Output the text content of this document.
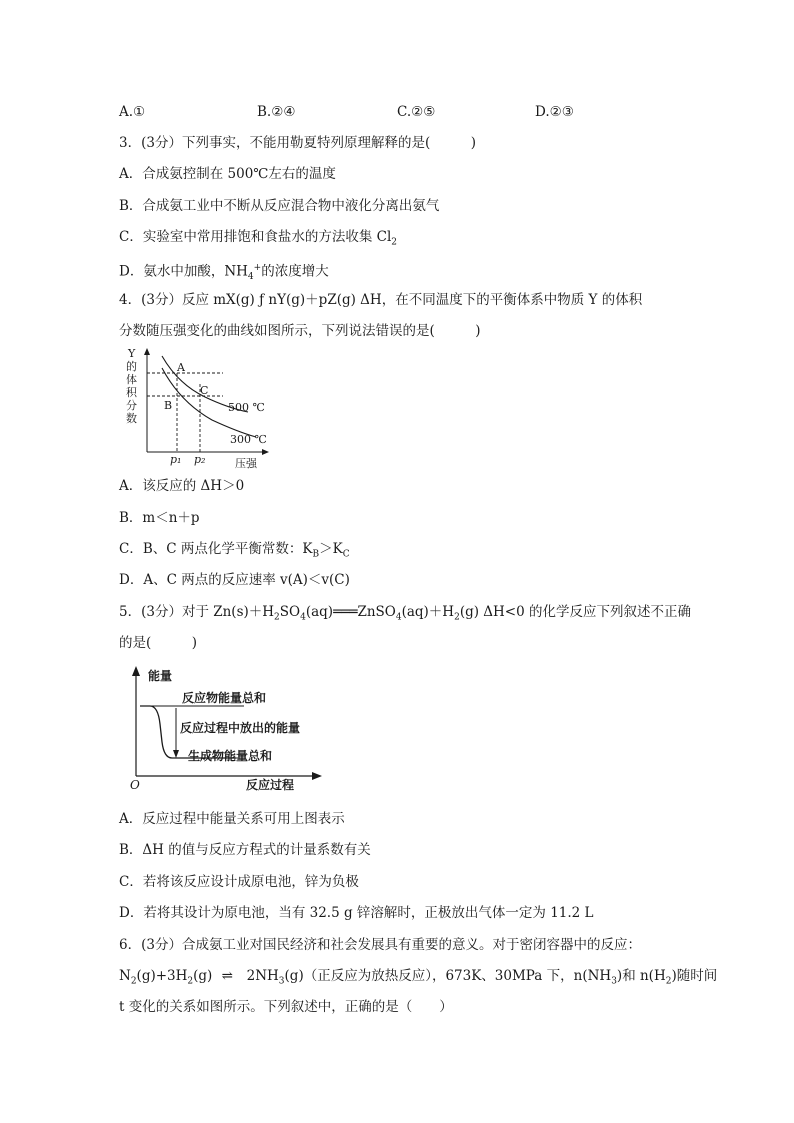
A.①	B.②④	C.②⑤	D.②③
3．(3分）下列事实，不能用勒夏特列原理解释的是(　　　)
A．合成氨控制在 500℃左右的温度
B．合成氨工业中不断从反应混合物中液化分离出氨气
C．实验室中常用排饱和食盐水的方法收集 $Cl_2$
D．氨水中加酸，$NH_4^+$的浓度增大
4．(3分）反应 mX(g) ƒ nY(g)＋pZ(g) ΔH，在不同温度下的平衡体系中物质 Y 的体积
分数随压强变化的曲线如图所示，下列说法错误的是(　　　)
Y
的
体
积
分
数
A
B
C
500 ℃
300 ℃
p₁ p₂	压强
A．该反应的 ΔH＞0
B．m＜n＋p
C．B、C 两点化学平衡常数：$K_B>K_C$
D．A、C 两点的反应速率 v(A)＜v(C)
5．(3分）对于 $Zn(s)+H_2SO_4(aq)═══ZnSO_4(aq)+H_2(g)$ ΔH<0 的化学反应下列叙述不正确
的是(　　　)
能量
O	反应过程
反应物能量总和
反应过程中放出的能量
生成物能量总和
A．反应过程中能量关系可用上图表示
B．ΔH 的值与反应方程式的计量系数有关
C．若将该反应设计成原电池，锌为负极
D．若将其设计为原电池，当有 32.5 g 锌溶解时，正极放出气体一定为 11.2 L
6．(3分）合成氨工业对国民经济和社会发展具有重要的意义。对于密闭容器中的反应：
$N_2(g)+3H_2(g)$ ⇌ $2NH_3(g)$（正反应为放热反应），673K、30MPa 下，$n(NH_3)$和 $n(H_2)$随时间
t 变化的关系如图所示。下列叙述中，正确的是（　　）
